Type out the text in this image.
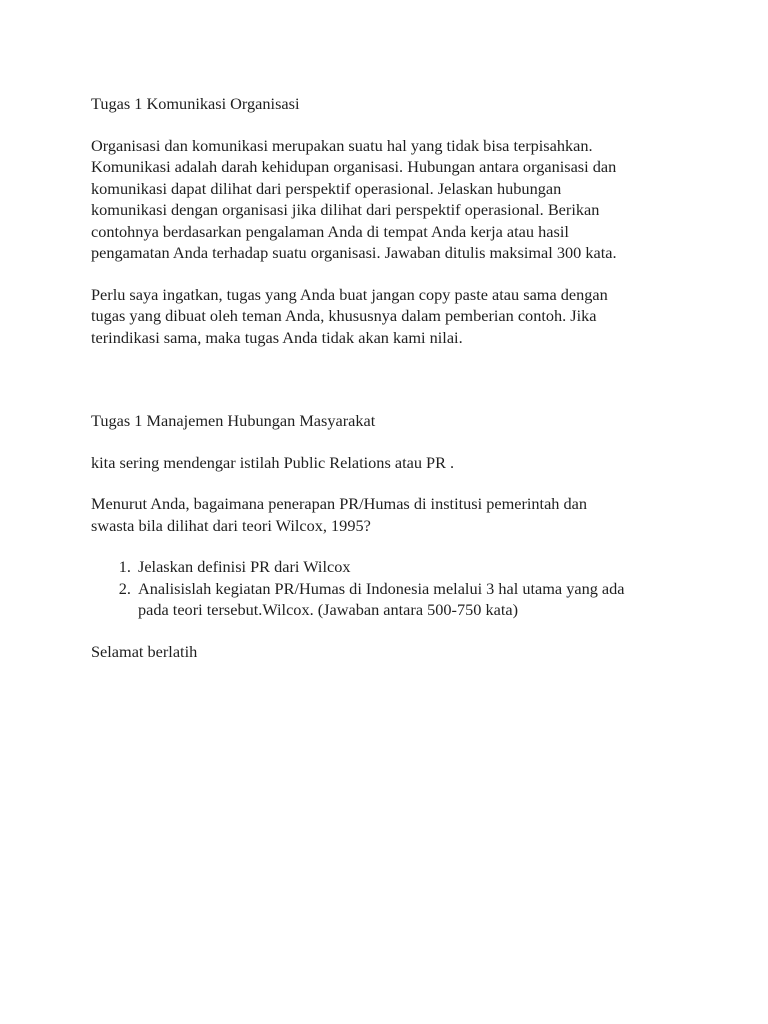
Tugas 1 Komunikasi Organisasi

Organisasi dan komunikasi merupakan suatu hal yang tidak bisa terpisahkan.
Komunikasi adalah darah kehidupan organisasi. Hubungan antara organisasi dan
komunikasi dapat dilihat dari perspektif operasional. Jelaskan hubungan
komunikasi dengan organisasi jika dilihat dari perspektif operasional. Berikan
contohnya berdasarkan pengalaman Anda di tempat Anda kerja atau hasil
pengamatan Anda terhadap suatu organisasi. Jawaban ditulis maksimal 300 kata.

Perlu saya ingatkan, tugas yang Anda buat jangan copy paste atau sama dengan
tugas yang dibuat oleh teman Anda, khususnya dalam pemberian contoh. Jika
terindikasi sama, maka tugas Anda tidak akan kami nilai.

Tugas 1 Manajemen Hubungan Masyarakat

kita sering mendengar istilah Public Relations atau PR .

Menurut Anda, bagaimana penerapan PR/Humas di institusi pemerintah dan
swasta bila dilihat dari teori Wilcox, 1995?

1. Jelaskan definisi PR dari Wilcox
2. Analisislah kegiatan PR/Humas di Indonesia melalui 3 hal utama yang ada
pada teori tersebut.Wilcox. (Jawaban antara 500-750 kata)

Selamat berlatih
